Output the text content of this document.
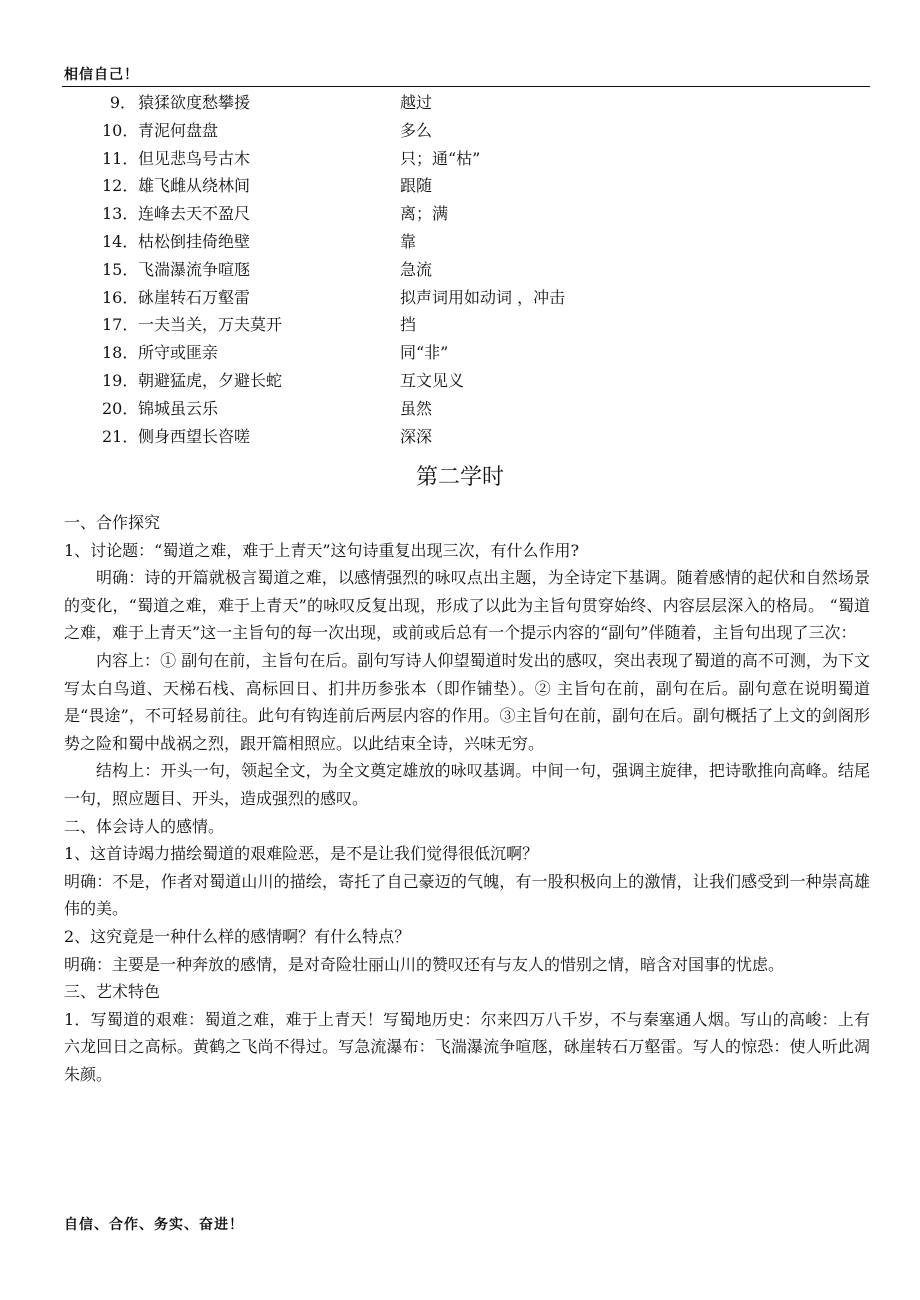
相信自己！
9． 猿猱欲度愁攀援	越过
10． 青泥何盘盘	多么
11． 但见悲鸟号古木	只；通“枯”
12． 雄飞雌从绕林间	跟随
13． 连峰去天不盈尺	离；满
14． 枯松倒挂倚绝壁	靠
15． 飞湍瀑流争喧豗	急流
16． 砯崖转石万壑雷	拟声词用如动词 ，冲击
17． 一夫当关，万夫莫开	挡
18． 所守或匪亲	同“非”
19． 朝避猛虎，夕避长蛇	互文见义
20． 锦城虽云乐	虽然
21． 侧身西望长咨嗟	深深
第二学时

一、合作探究

1、讨论题：“蜀道之难，难于上青天”这句诗重复出现三次，有什么作用?

明确：诗的开篇就极言蜀道之难，以感情强烈的咏叹点出主题，为全诗定下基调。随着感情的起伏和自然场景的变化，“蜀道之难，难于上青天”的咏叹反复出现，形成了以此为主旨句贯穿始终、内容层层深入的格局。 “蜀道之难，难于上青天”这一主旨句的每一次出现，或前或后总有一个提示内容的“副句”伴随着，主旨句出现了三次：

内容上：① 副句在前，主旨句在后。副句写诗人仰望蜀道时发出的感叹，突出表现了蜀道的高不可测，为下文写太白鸟道、天梯石栈、高标回日、扪井历参张本（即作铺垫）。② 主旨句在前，副句在后。副句意在说明蜀道是“畏途”，不可轻易前往。此句有钩连前后两层内容的作用。③主旨句在前，副句在后。副句概括了上文的剑阁形势之险和蜀中战祸之烈，跟开篇相照应。以此结束全诗，兴味无穷。

结构上：开头一句，领起全文，为全文奠定雄放的咏叹基调。中间一句，强调主旋律，把诗歌推向高峰。结尾一句，照应题目、开头，造成强烈的感叹。

二、体会诗人的感情。

1、这首诗竭力描绘蜀道的艰难险恶，是不是让我们觉得很低沉啊？

明确：不是，作者对蜀道山川的描绘，寄托了自己豪迈的气魄，有一股积极向上的激情，让我们感受到一种崇高雄伟的美。

2、这究竟是一种什么样的感情啊？有什么特点？

明确：主要是一种奔放的感情，是对奇险壮丽山川的赞叹还有与友人的惜别之情，暗含对国事的忧虑。

三、艺术特色

1．写蜀道的艰难：蜀道之难，难于上青天！写蜀地历史：尔来四万八千岁，不与秦塞通人烟。写山的高峻：上有六龙回日之高标。黄鹤之飞尚不得过。写急流瀑布：飞湍瀑流争喧豗，砯崖转石万壑雷。写人的惊恐：使人听此凋朱颜。

自信、合作、务实、奋进！
